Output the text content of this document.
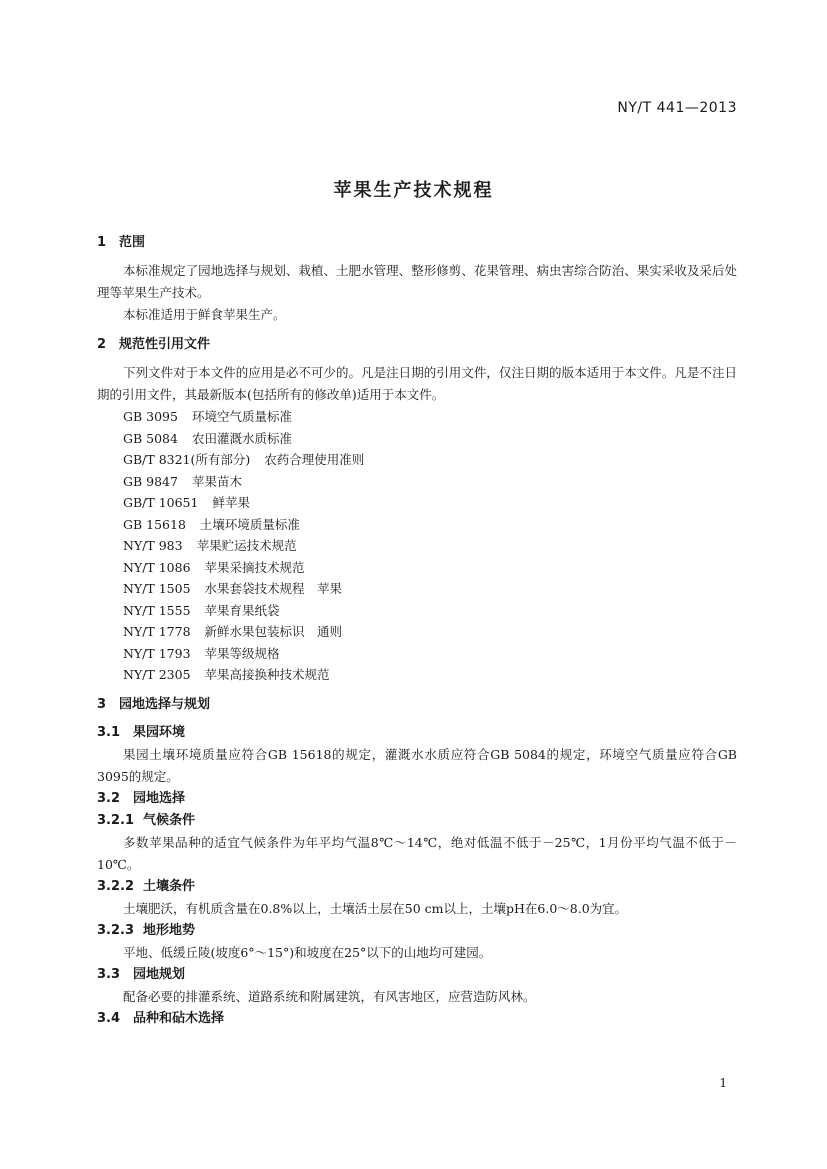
NY/T 441—2013
苹果生产技术规程
1 范围
本标准规定了园地选择与规划、栽植、土肥水管理、整形修剪、花果管理、病虫害综合防治、果实采收及采后处理等苹果生产技术。
本标准适用于鲜食苹果生产。
2 规范性引用文件
下列文件对于本文件的应用是必不可少的。凡是注日期的引用文件，仅注日期的版本适用于本文件。凡是不注日期的引用文件，其最新版本(包括所有的修改单)适用于本文件。
GB 3095 环境空气质量标准
GB 5084 农田灌溉水质标准
GB/T 8321(所有部分) 农药合理使用准则
GB 9847 苹果苗木
GB/T 10651 鲜苹果
GB 15618 土壤环境质量标准
NY/T 983 苹果贮运技术规范
NY/T 1086 苹果采摘技术规范
NY/T 1505 水果套袋技术规程　苹果
NY/T 1555 苹果育果纸袋
NY/T 1778 新鲜水果包装标识　通则
NY/T 1793 苹果等级规格
NY/T 2305 苹果高接换种技术规范
3 园地选择与规划
3.1 果园环境
果园土壤环境质量应符合GB 15618的规定，灌溉水水质应符合GB 5084的规定，环境空气质量应符合GB 3095的规定。
3.2 园地选择
3.2.1 气候条件
多数苹果品种的适宜气候条件为年平均气温8℃～14℃，绝对低温不低于－25℃，1月份平均气温不低于－10℃。
3.2.2 土壤条件
土壤肥沃，有机质含量在0.8%以上，土壤活土层在50 cm以上，土壤pH在6.0～8.0为宜。
3.2.3 地形地势
平地、低缓丘陵(坡度6°～15°)和坡度在25°以下的山地均可建园。
3.3 园地规划
配备必要的排灌系统、道路系统和附属建筑，有风害地区，应营造防风林。
3.4 品种和砧木选择
1
